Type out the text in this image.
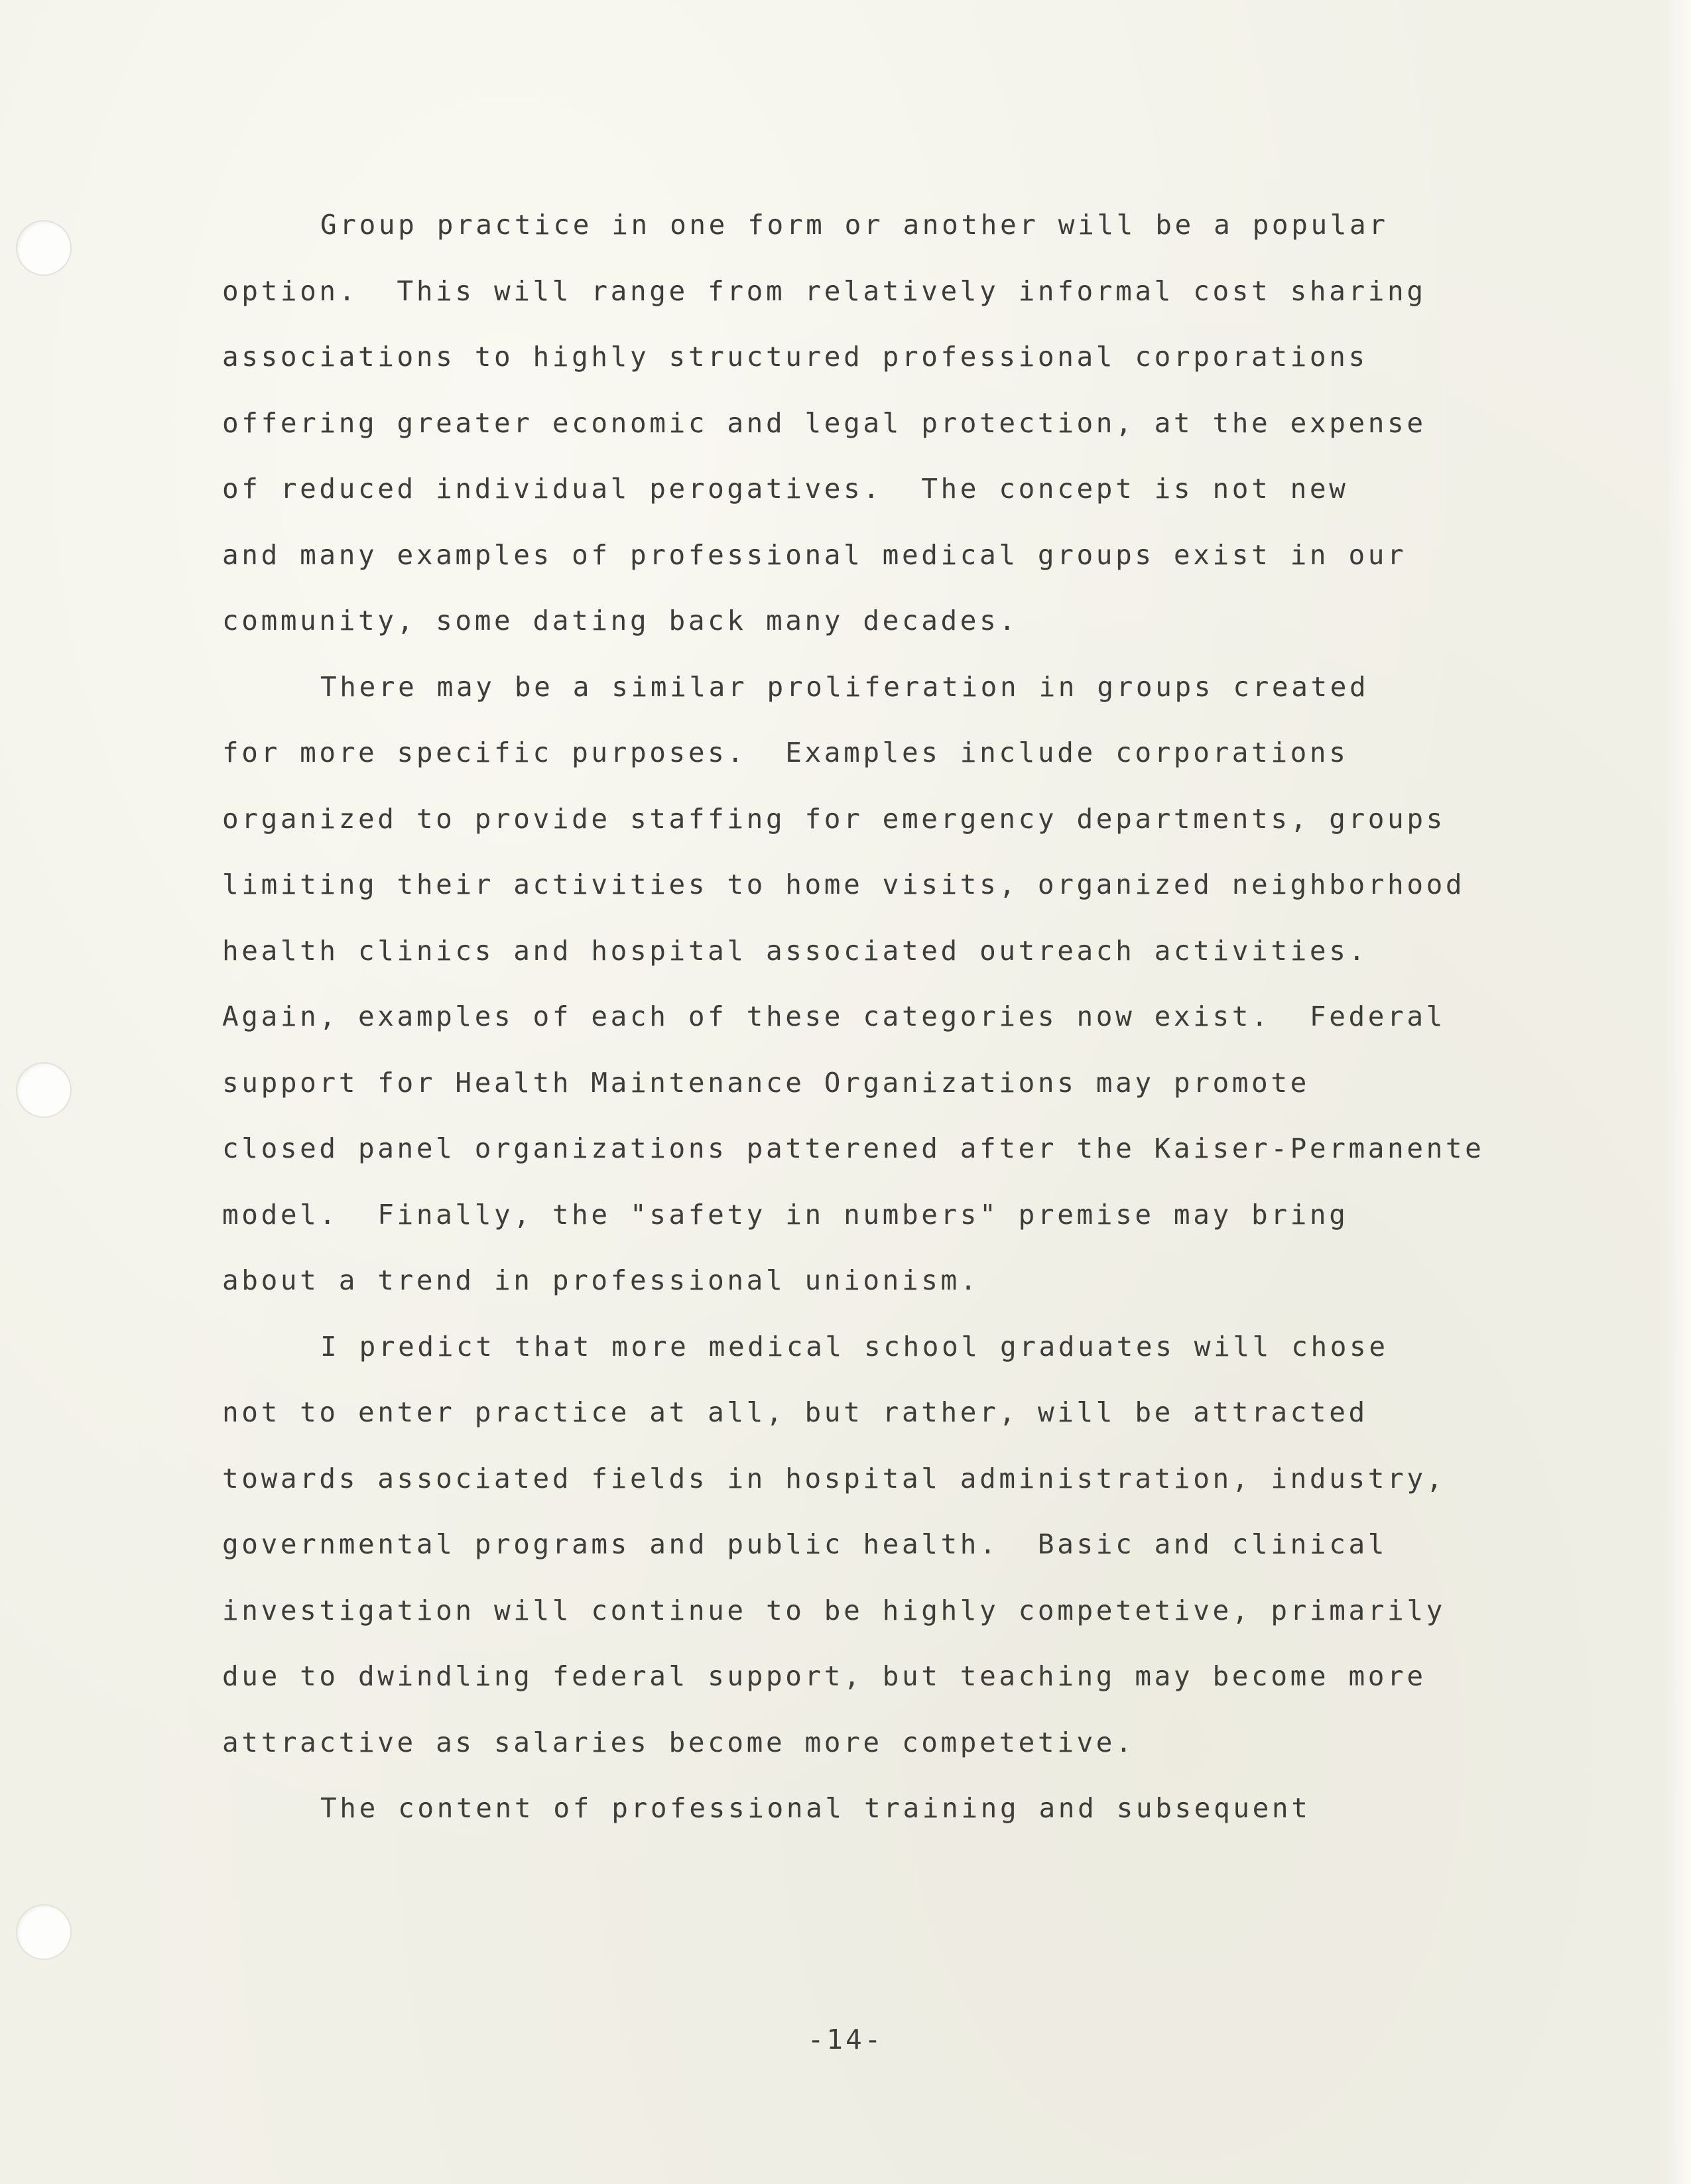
Group practice in one form or another will be a popular
option.  This will range from relatively informal cost sharing
associations to highly structured professional corporations
offering greater economic and legal protection, at the expense
of reduced individual perogatives.  The concept is not new
and many examples of professional medical groups exist in our
community, some dating back many decades.
There may be a similar proliferation in groups created
for more specific purposes.  Examples include corporations
organized to provide staffing for emergency departments, groups
limiting their activities to home visits, organized neighborhood
health clinics and hospital associated outreach activities.
Again, examples of each of these categories now exist.  Federal
support for Health Maintenance Organizations may promote
closed panel organizations patterened after the Kaiser-Permanente
model.  Finally, the "safety in numbers" premise may bring
about a trend in professional unionism.
I predict that more medical school graduates will chose
not to enter practice at all, but rather, will be attracted
towards associated fields in hospital administration, industry,
governmental programs and public health.  Basic and clinical
investigation will continue to be highly competetive, primarily
due to dwindling federal support, but teaching may become more
attractive as salaries become more competetive.
The content of professional training and subsequent
-14-
